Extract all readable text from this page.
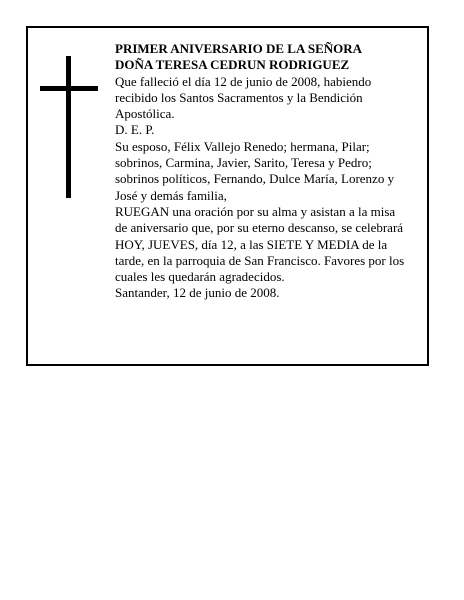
PRIMER ANIVERSARIO DE LA SEÑORA
DOÑA TERESA CEDRUN RODRIGUEZ
Que falleció el día 12 de junio de 2008, habiendo
recibido los Santos Sacramentos y la Bendición
Apostólica.
D. E. P.
Su esposo, Félix Vallejo Renedo; hermana, Pilar;
sobrinos, Carmina, Javier, Sarito, Teresa y Pedro;
sobrinos políticos, Fernando, Dulce María, Lorenzo y
José y demás familia,
RUEGAN una oración por su alma y asistan a la misa
de aniversario que, por su eterno descanso, se celebrará
HOY, JUEVES, día 12, a las SIETE Y MEDIA de la
tarde, en la parroquia de San Francisco. Favores por los
cuales les quedarán agradecidos.
Santander, 12 de junio de 2008.
